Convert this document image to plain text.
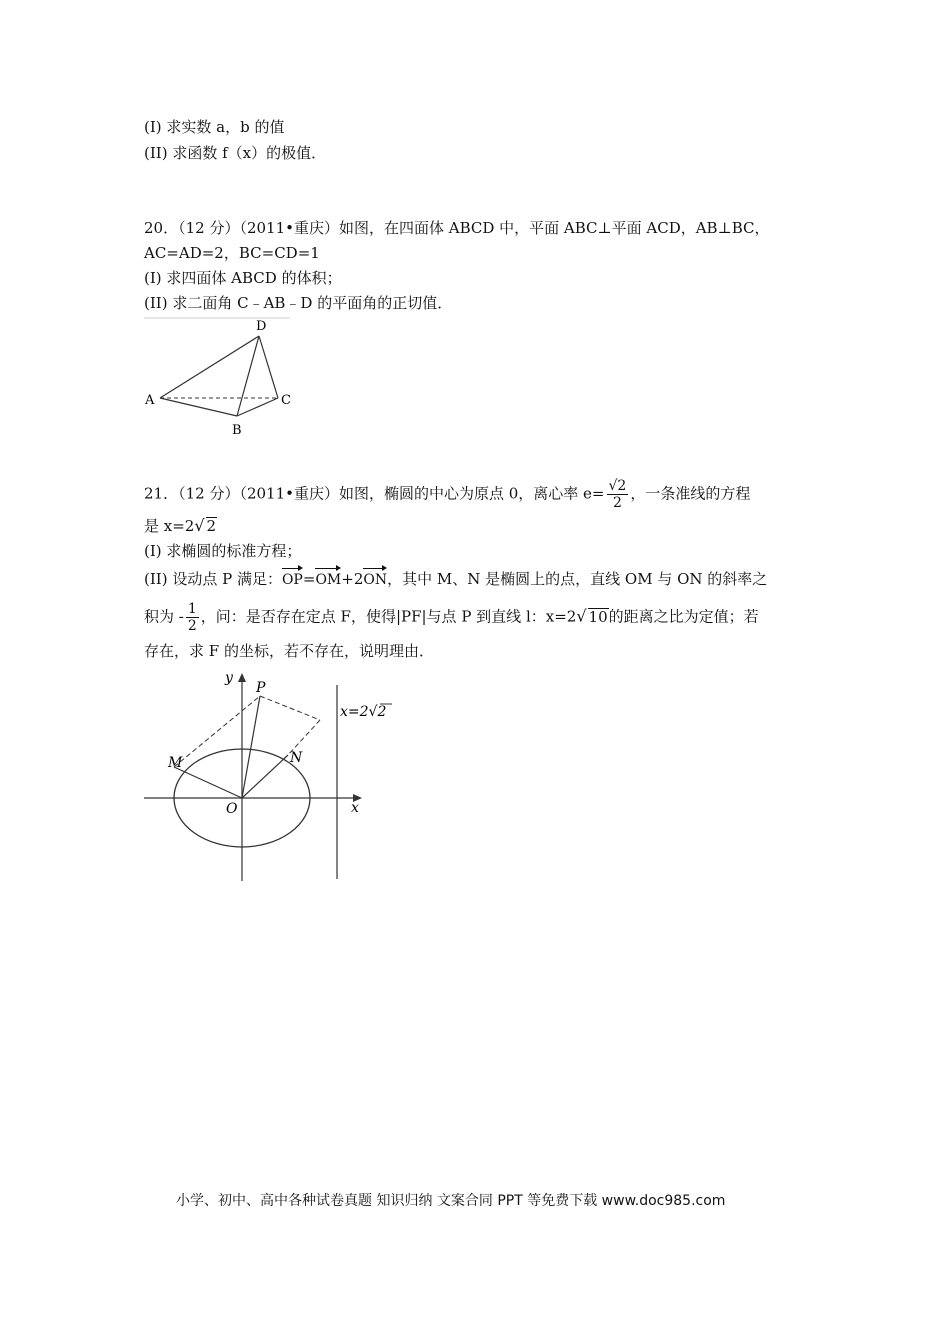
(I) 求实数 a，b 的值
(II) 求函数 f（x）的极值．
20．（12 分）（2011•重庆）如图，在四面体 ABCD 中，平面 ABC⊥平面 ACD，AB⊥BC，
AC=AD=2，BC=CD=1
(I) 求四面体 ABCD 的体积；
(II) 求二面角 C﹣AB﹣D 的平面角的正切值．
D
A	C
B
21．（12 分）（2011•重庆）如图，椭圆的中心为原点 0，离心率 $e= \frac{√2}{2}$ ，一条准线的方程
是 x=2√ 2
(I) 求椭圆的标准方程；
(II) 设动点 P 满足：OP=OM+2ON，其中 M、N 是椭圆上的点，直线 OM 与 ON 的斜率之
积为 - $\frac{1}{2}$ ，问：是否存在定点 F，使得|PF|与点 P 到直线 l：x=2√ 10的距离之比为定值；若
存在，求 F 的坐标，若不存在，说明理由．
y
P
x=2√2
M	N
O	x
小学、初中、高中各种试卷真题 知识归纳 文案合同 PPT 等免费下载 www.doc985.com
